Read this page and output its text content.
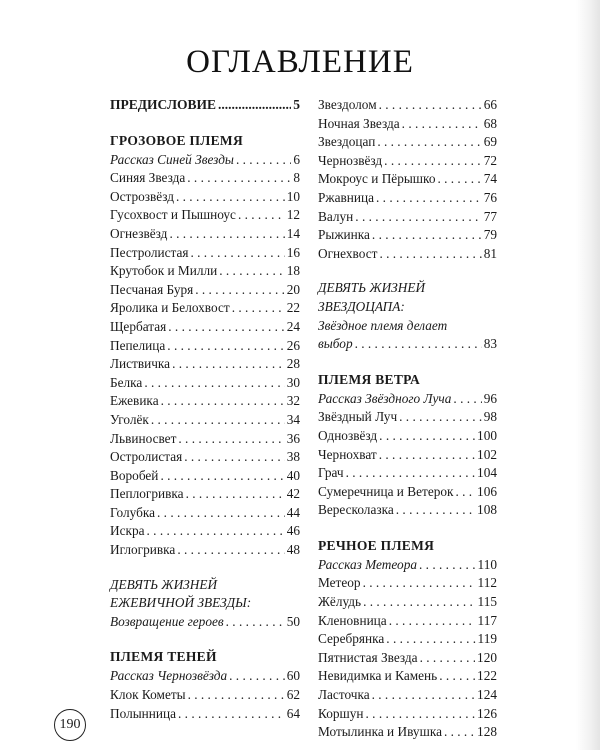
ОГЛАВЛЕНИЕ
ПРЕДИСЛОВИЕ .....	5
ГРОЗОВОЕ ПЛЕМЯ
Рассказ Синей Звезды . . .	6
Синяя Звезда . . .	8
Острозвёзд . . .	10
Гусохвост и Пышноус . . .	12
Огнезвёзд . . .	14
Пестролистая . . .	16
Крутобок и Милли . . .	18
Песчаная Буря . . .	20
Яролика и Белохвост . . .	22
Щербатая . . .	24
Пепелица . . .	26
Листвичка . . .	28
Белка . . .	30
Ежевика . . .	32
Уголёк . . .	34
Львиносвет . . .	36
Остролистая . . .	38
Воробей . . .	40
Пеплогривка . . .	42
Голубка . . .	44
Искра . . .	46
Иглогривка . . .	48
ДЕВЯТЬ ЖИЗНЕЙ
ЕЖЕВИЧНОЙ ЗВЕЗДЫ:
Возвращение героев . . .	50
ПЛЕМЯ ТЕНЕЙ
Рассказ Чернозвёзда . . .	60
Клок Кометы . . .	62
Полынница . . .	64
Звездолом . . .	66
Ночная Звезда . . .	68
Звездоцап . . .	69
Чернозвёзд . . .	72
Мокроус и Пёрышко . . .	74
Ржавница . . .	76
Валун . . .	77
Рыжинка . . .	79
Огнехвост . . .	81
ДЕВЯТЬ ЖИЗНЕЙ
ЗВЕЗДОЦАПА:
Звёздное племя делает
выбор . . .	83
ПЛЕМЯ ВЕТРА
Рассказ Звёздного Луча . . . 96
Звёздный Луч . . .	98
Однозвёзд . . .	100
Чернохват . . .	102
Грач . . .	104
Сумеречница и Ветерок . . . 106
Вересколазка . . .	108
РЕЧНОЕ ПЛЕМЯ
Рассказ Метеора . . .	110
Метеор . . .	112
Жёлудь . . .	115
Кленовница . . .	117
Серебрянка . . .	119
Пятнистая Звезда . . .	120
Невидимка и Камень . . .	122
Ласточка . . .	124
Коршун . . .	126
Мотылинка и Ивушка . . .	128
190
